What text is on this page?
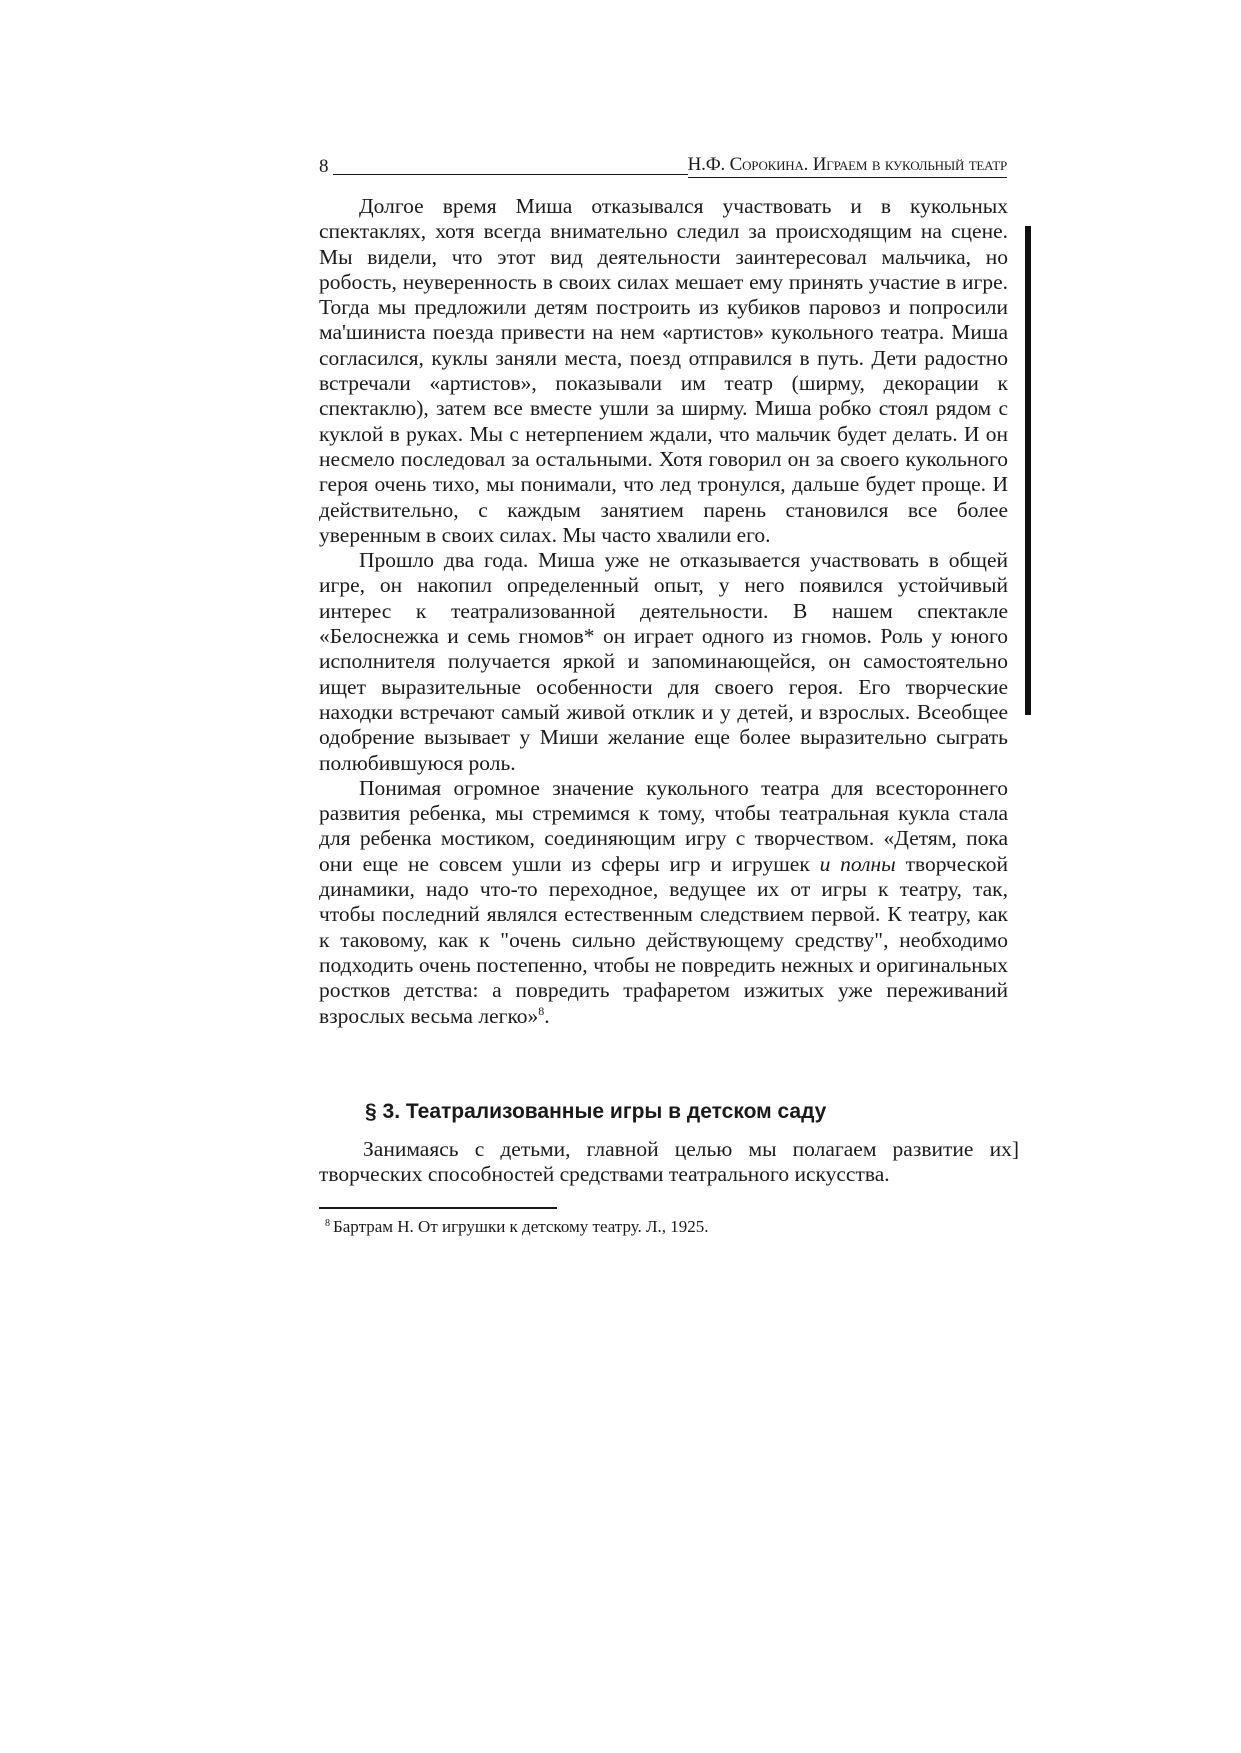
8	Н.Ф. Сорокина. Играем в кукольный театр

Долгое время Миша отказывался участвовать и в кукольных спектаклях, хотя всегда внимательно следил за происходящим на сцене. Мы видели, что этот вид деятельности заинтересовал мальчика, но робость, неуверенность в своих силах мешает ему принять участие в игре. Тогда мы предложили детям построить из кубиков паровоз и попросили ма'шиниста поезда привести на нем «артистов» кукольного театра. Миша согласился, куклы заняли места, поезд отправился в путь. Дети радостно встречали «артистов», показывали им театр (ширму, декорации к спектаклю), затем все вместе ушли за ширму. Миша робко стоял рядом с куклой в руках. Мы с нетерпением ждали, что мальчик будет делать. И он несмело последовал за остальными. Хотя говорил он за своего кукольного героя очень тихо, мы понимали, что лед тронулся, дальше будет проще. И действительно, с каждым занятием парень становился все более уверенным в своих силах. Мы часто хвалили его.

Прошло два года. Миша уже не отказывается участвовать в общей игре, он накопил определенный опыт, у него появился устойчивый интерес к театрализованной деятельности. В нашем спектакле «Белоснежка и семь гномов* он играет одного из гномов. Роль у юного исполнителя получается яркой и запоминающейся, он самостоятельно ищет выразительные особенности для своего героя. Его творческие находки встречают самый живой отклик и у детей, и взрослых. Всеобщее одобрение вызывает у Миши желание еще более выразительно сыграть полюбившуюся роль.

Понимая огромное значение кукольного театра для всестороннего развития ребенка, мы стремимся к тому, чтобы театральная кукла стала для ребенка мостиком, соединяющим игру с творчеством. «Детям, пока они еще не совсем ушли из сферы игр и игрушек и полны творческой динамики, надо что-то переходное, ведущее их от игры к театру, так, чтобы последний являлся естественным следствием первой. К театру, как к таковому, как к "очень сильно действующему средству", необходимо подходить очень постепенно, чтобы не повредить нежных и оригинальных ростков детства: а повредить трафаретом изжитых уже переживаний взрослых весьма легко»$^8$.

§ 3. Театрализованные игры в детском саду

Занимаясь с детьми, главной целью мы полагаем развитие их] творческих способностей средствами театрального искусства.

$^8$ Бартрам Н. От игрушки к детскому театру. Л., 1925.
